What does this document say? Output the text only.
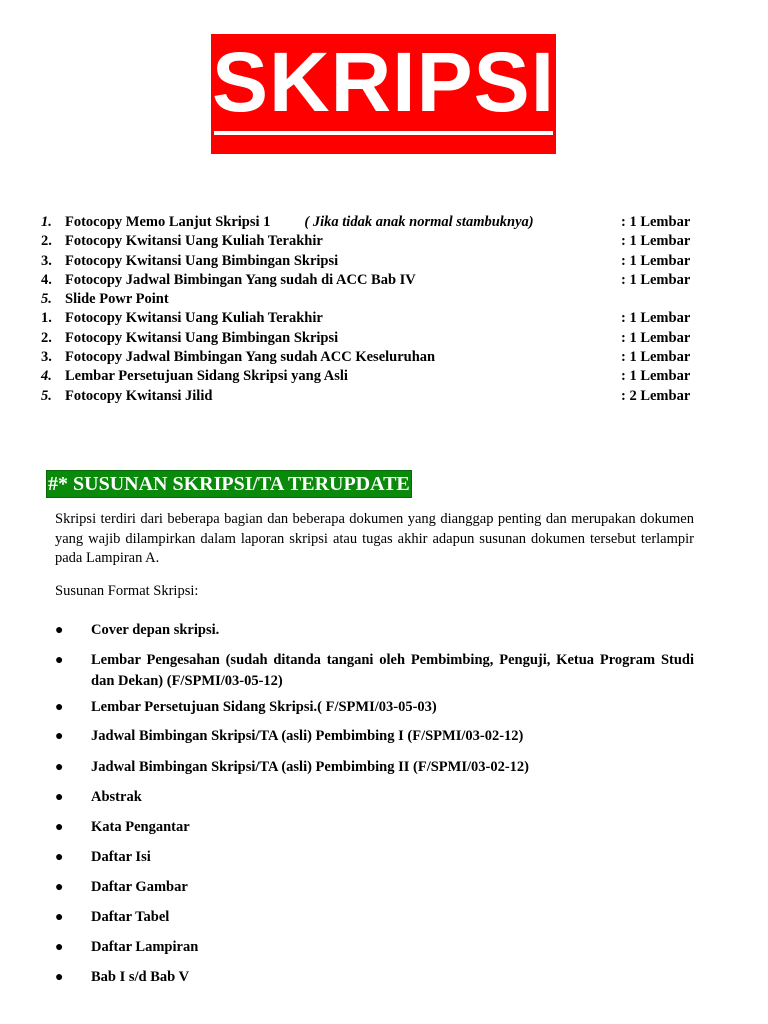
SKRIPSI
1. Fotocopy Memo Lanjut Skripsi 1 ( Jika tidak anak normal stambuknya)	: 1 Lembar
2. Fotocopy Kwitansi Uang Kuliah Terakhir	: 1 Lembar
3. Fotocopy Kwitansi Uang Bimbingan Skripsi	: 1 Lembar
4. Fotocopy Jadwal Bimbingan Yang sudah di ACC Bab IV	: 1 Lembar
5. Slide Powr Point
1. Fotocopy Kwitansi Uang Kuliah Terakhir	: 1 Lembar
2. Fotocopy Kwitansi Uang Bimbingan Skripsi	: 1 Lembar
3. Fotocopy Jadwal Bimbingan Yang sudah ACC Keseluruhan	: 1 Lembar
4. Lembar Persetujuan Sidang Skripsi yang Asli	: 1 Lembar
5. Fotocopy Kwitansi Jilid	: 2 Lembar
#* SUSUNAN SKRIPSI/TA TERUPDATE
Skripsi terdiri dari beberapa bagian dan beberapa dokumen yang dianggap penting dan merupakan dokumen yang wajib dilampirkan dalam laporan skripsi atau tugas akhir adapun susunan dokumen tersebut terlampir pada Lampiran A.
Susunan Format Skripsi:
● Cover depan skripsi.
● Lembar Pengesahan (sudah ditanda tangani oleh Pembimbing, Penguji, Ketua Program Studi dan Dekan) (F/SPMI/03-05-12)
● Lembar Persetujuan Sidang Skripsi.( F/SPMI/03-05-03)
● Jadwal Bimbingan Skripsi/TA (asli) Pembimbing I (F/SPMI/03-02-12)
● Jadwal Bimbingan Skripsi/TA (asli) Pembimbing II (F/SPMI/03-02-12)
● Abstrak
● Kata Pengantar
● Daftar Isi
● Daftar Gambar
● Daftar Tabel
● Daftar Lampiran
● Bab I s/d Bab V
